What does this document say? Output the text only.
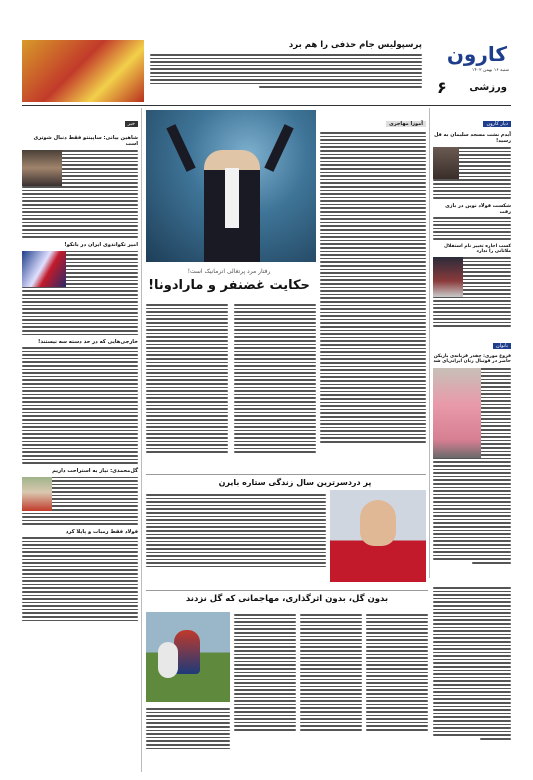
پرسپولیس جام حذفی را هم برد کارون
شنبه ۱۶ بهمن ۱۴۰۲
ورزشی
۶
دیار کارون
آیدم نشت مسجد سلیمان به فل رسید!
شکست فولاد نوین در بازی رفت
کسب اجازه تغییر نام استقلال ملاثانی را ندارد
بانوان
فروغ موری: چقدر قربانه‌ی بازیکن حاضر در فوتبال زنان ایرانی‌ای شد
آموزا مهاجری
رفتار مرد پرتغالی اترمانیک است!
حکایت غضنفر و مارادونا!
پر دردسرترین سال زندگی ستاره بایرن
بدون گل، بدون اثرگذاری، مهاجمانی که گل نزدند
خبر
شاهین بیانی: ساپینتو فقط دنبال شوتری است
امیر تکواندوی ایران در بانکو!
خارجی‌هایی که در حد دسته سه نیستند!
گل‌محمدی: نیاز به استراحت داریم
فولاد فقط رمبات و پایلا کرد
